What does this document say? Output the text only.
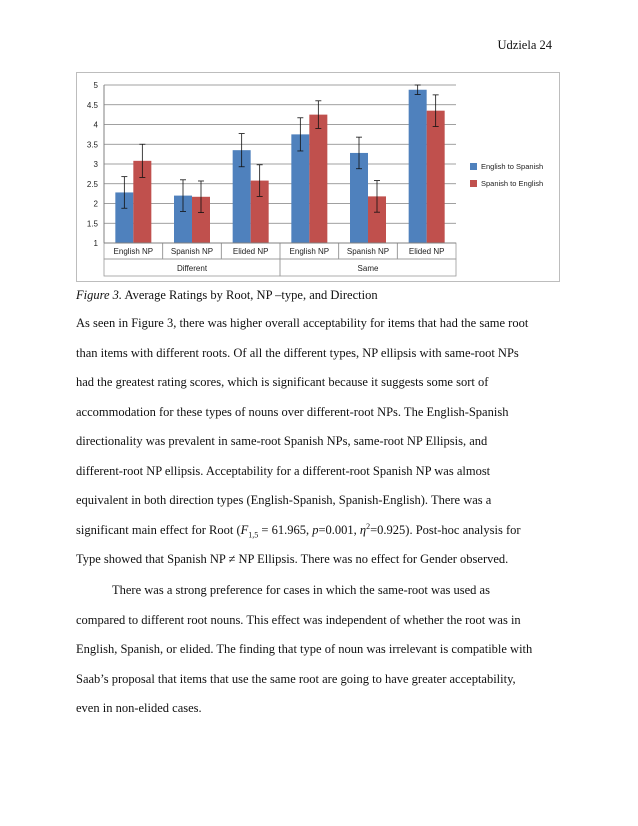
Udziela 24
1
1.5
2
2.5
3
3.5
4
4.5
5
English NP Spanish NP Elided NP	English NP Spanish NP Elided NP
Different	Same
English to Spanish
Spanish to English
Figure 3. Average Ratings by Root, NP –type, and Direction
As seen in Figure 3, there was higher overall acceptability for items that had the same root
than items with different roots. Of all the different types, NP ellipsis with same-root NPs
had the greatest rating scores, which is significant because it suggests some sort of
accommodation for these types of nouns over different-root NPs. The English-Spanish
directionality was prevalent in same-root Spanish NPs, same-root NP Ellipsis, and
different-root NP ellipsis. Acceptability for a different-root Spanish NP was almost
equivalent in both direction types (English-Spanish, Spanish-English). There was a
significant main effect for Root ($F_{1,5} = 61.965$, p=0.001, $\eta^2=0.925$). Post-hoc analysis for
Type showed that Spanish NP ≠ NP Ellipsis. There was no effect for Gender observed.
There was a strong preference for cases in which the same-root was used as
compared to different root nouns. This effect was independent of whether the root was in
English, Spanish, or elided. The finding that type of noun was irrelevant is compatible with
Saab’s proposal that items that use the same root are going to have greater acceptability,
even in non-elided cases.
